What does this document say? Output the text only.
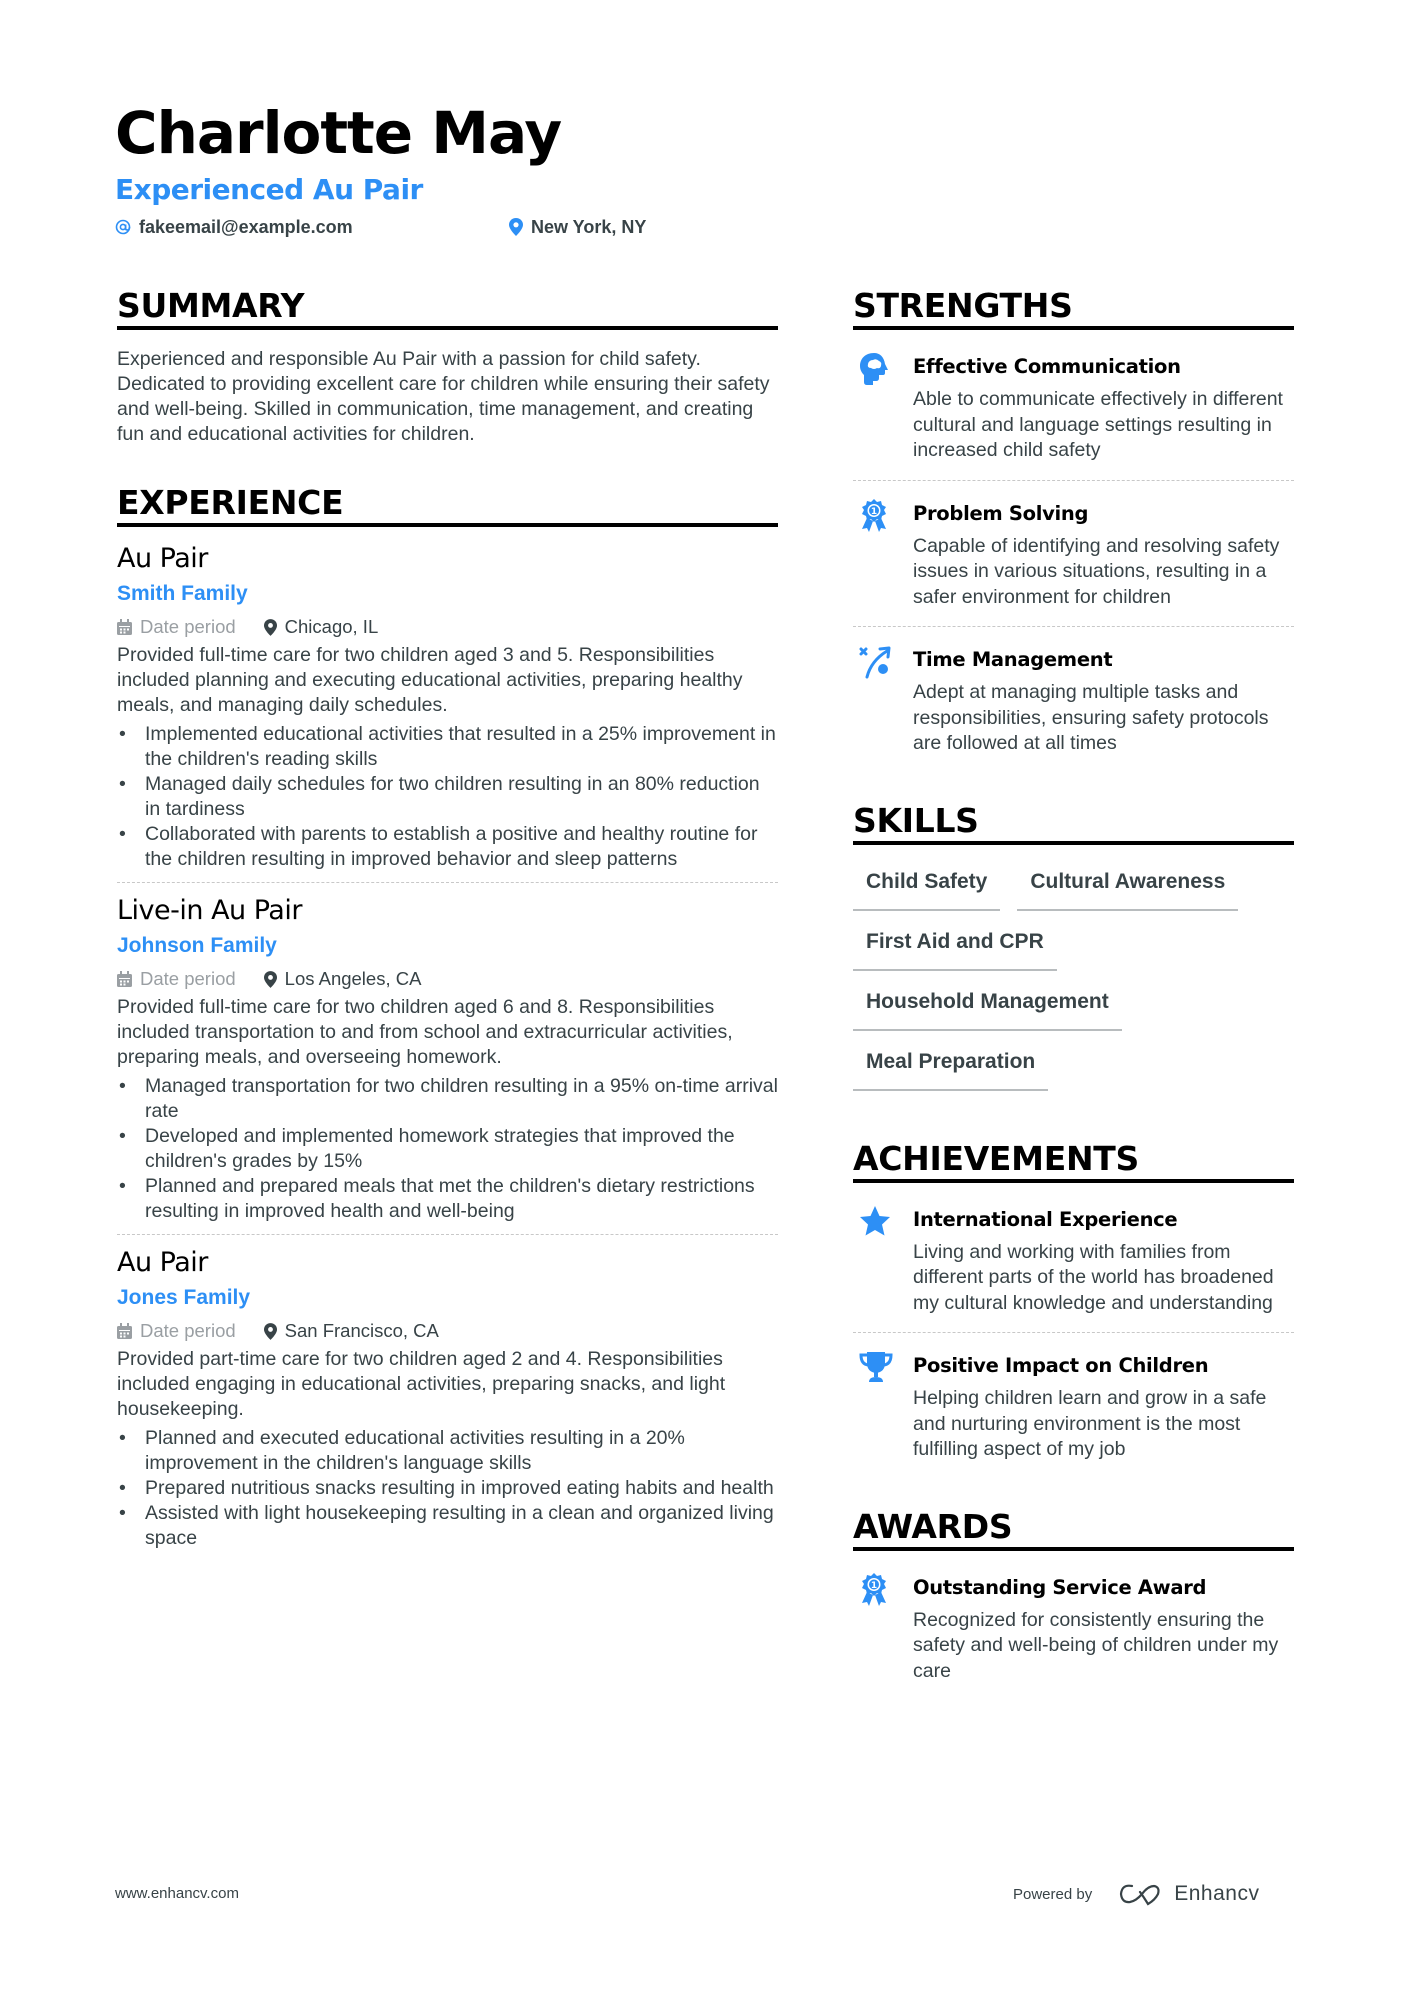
Charlotte May
Experienced Au Pair
fakeemail@example.com	New York, NY
SUMMARY

Experienced and responsible Au Pair with a passion for child safety. Dedicated to providing excellent care for children while ensuring their safety and well-being. Skilled in communication, time management, and creating fun and educational activities for children.

EXPERIENCE
Au Pair
Smith Family
Date period	Chicago, IL

Provided full-time care for two children aged 3 and 5. Responsibilities included planning and executing educational activities, preparing healthy meals, and managing daily schedules.

• Implemented educational activities that resulted in a 25% improvement in the children's reading skills
• Managed daily schedules for two children resulting in an 80% reduction in tardiness
• Collaborated with parents to establish a positive and healthy routine for the children resulting in improved behavior and sleep patterns
Live-in Au Pair
Johnson Family
Date period	Los Angeles, CA

Provided full-time care for two children aged 6 and 8. Responsibilities included transportation to and from school and extracurricular activities, preparing meals, and overseeing homework.

• Managed transportation for two children resulting in a 95% on-time arrival rate
• Developed and implemented homework strategies that improved the children's grades by 15%
• Planned and prepared meals that met the children's dietary restrictions resulting in improved health and well-being
Au Pair
Jones Family
Date period	San Francisco, CA

Provided part-time care for two children aged 2 and 4. Responsibilities included engaging in educational activities, preparing snacks, and light housekeeping.

• Planned and executed educational activities resulting in a 20% improvement in the children's language skills
• Prepared nutritious snacks resulting in improved eating habits and health
• Assisted with light housekeeping resulting in a clean and organized living space
STRENGTHS
Effective Communication
Able to communicate effectively in different cultural and language settings resulting in increased child safety
1 Problem Solving
Capable of identifying and resolving safety issues in various situations, resulting in a safer environment for children
Time Management
Adept at managing multiple tasks and responsibilities, ensuring safety protocols are followed at all times
SKILLS
Child Safety	Cultural Awareness
First Aid and CPR
Household Management
Meal Preparation
ACHIEVEMENTS
International Experience
Living and working with families from different parts of the world has broadened my cultural knowledge and understanding
Positive Impact on Children
Helping children learn and grow in a safe and nurturing environment is the most fulfilling aspect of my job
AWARDS
1 Outstanding Service Award
Recognized for consistently ensuring the safety and well-being of children under my care
www.enhancv.com	Powered by	Enhancv
